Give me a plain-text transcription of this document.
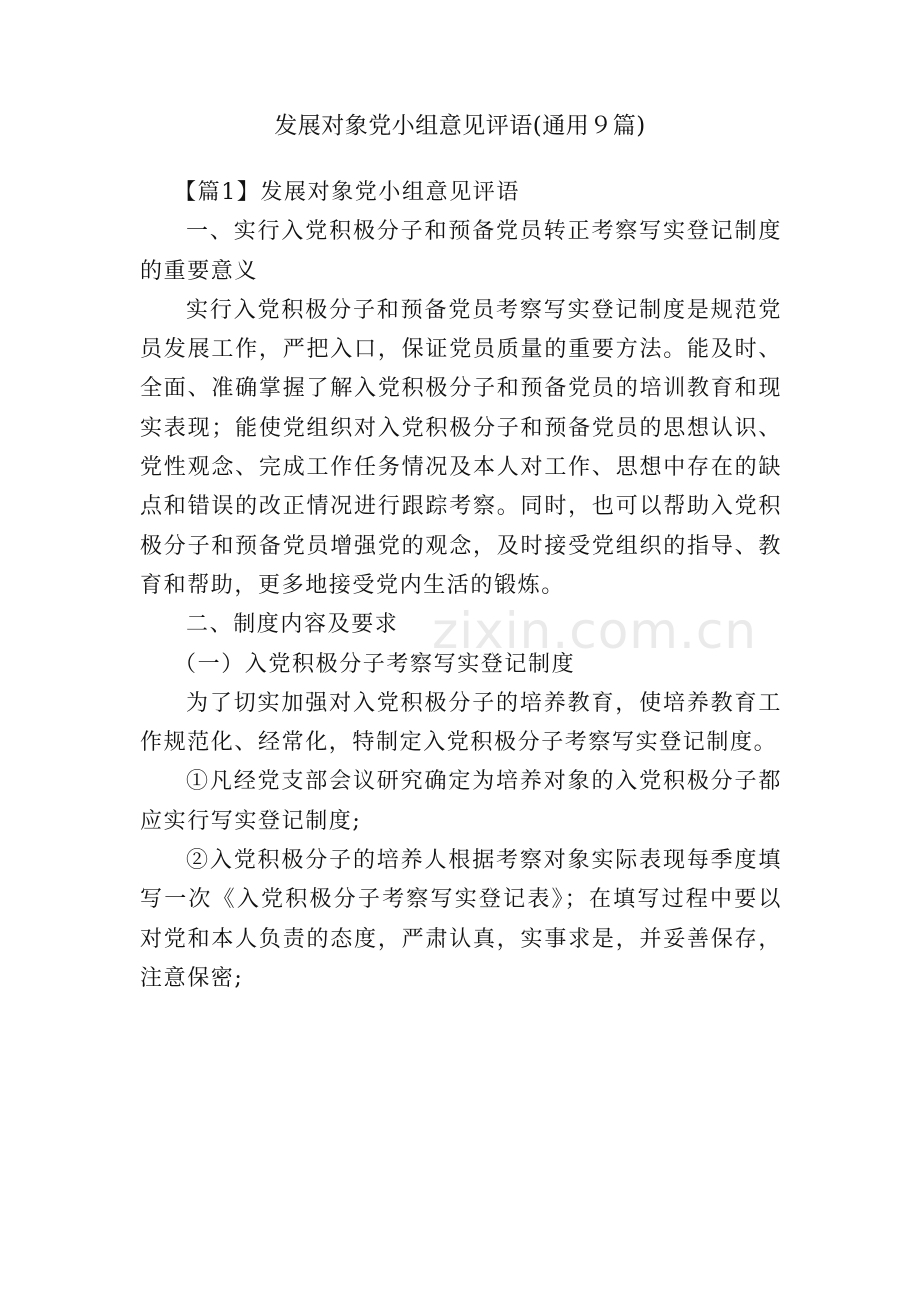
发展对象党小组意见评语(通用９篇)

【篇1】发展对象党小组意见评语

一、实行入党积极分子和预备党员转正考察写实登记制度的重要意义

实行入党积极分子和预备党员考察写实登记制度是规范党员发展工作，严把入口，保证党员质量的重要方法。能及时、全面、准确掌握了解入党积极分子和预备党员的培训教育和现实表现；能使党组织对入党积极分子和预备党员的思想认识、党性观念、完成工作任务情况及本人对工作、思想中存在的缺点和错误的改正情况进行跟踪考察。同时，也可以帮助入党积极分子和预备党员增强党的观念，及时接受党组织的指导、教育和帮助，更多地接受党内生活的锻炼。

二、制度内容及要求

（一）入党积极分子考察写实登记制度

为了切实加强对入党积极分子的培养教育，使培养教育工作规范化、经常化，特制定入党积极分子考察写实登记制度。

①凡经党支部会议研究确定为培养对象的入党积极分子都应实行写实登记制度;

②入党积极分子的培养人根据考察对象实际表现每季度填写一次《入党积极分子考察写实登记表》；在填写过程中要以对党和本人负责的态度，严肃认真，实事求是，并妥善保存，注意保密;

zixin.com.cn
